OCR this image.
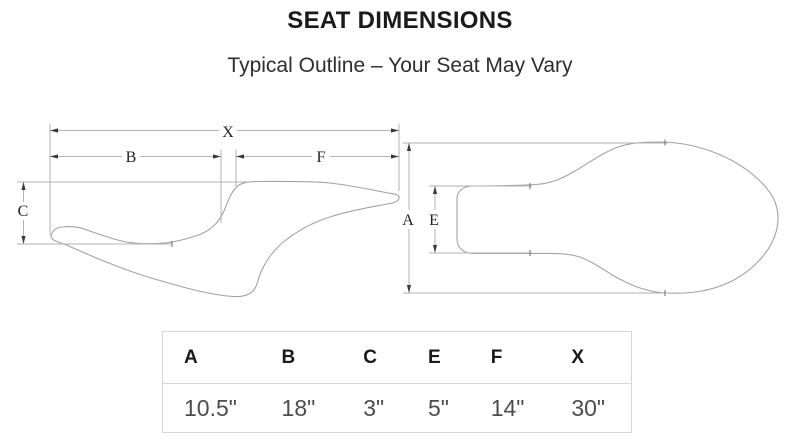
SEAT DIMENSIONS
Typical Outline – Your Seat May Vary
X
B	F
C
A E
A	B	C	E	F	X
10.5"	18"	3"	5"	14"	30"
